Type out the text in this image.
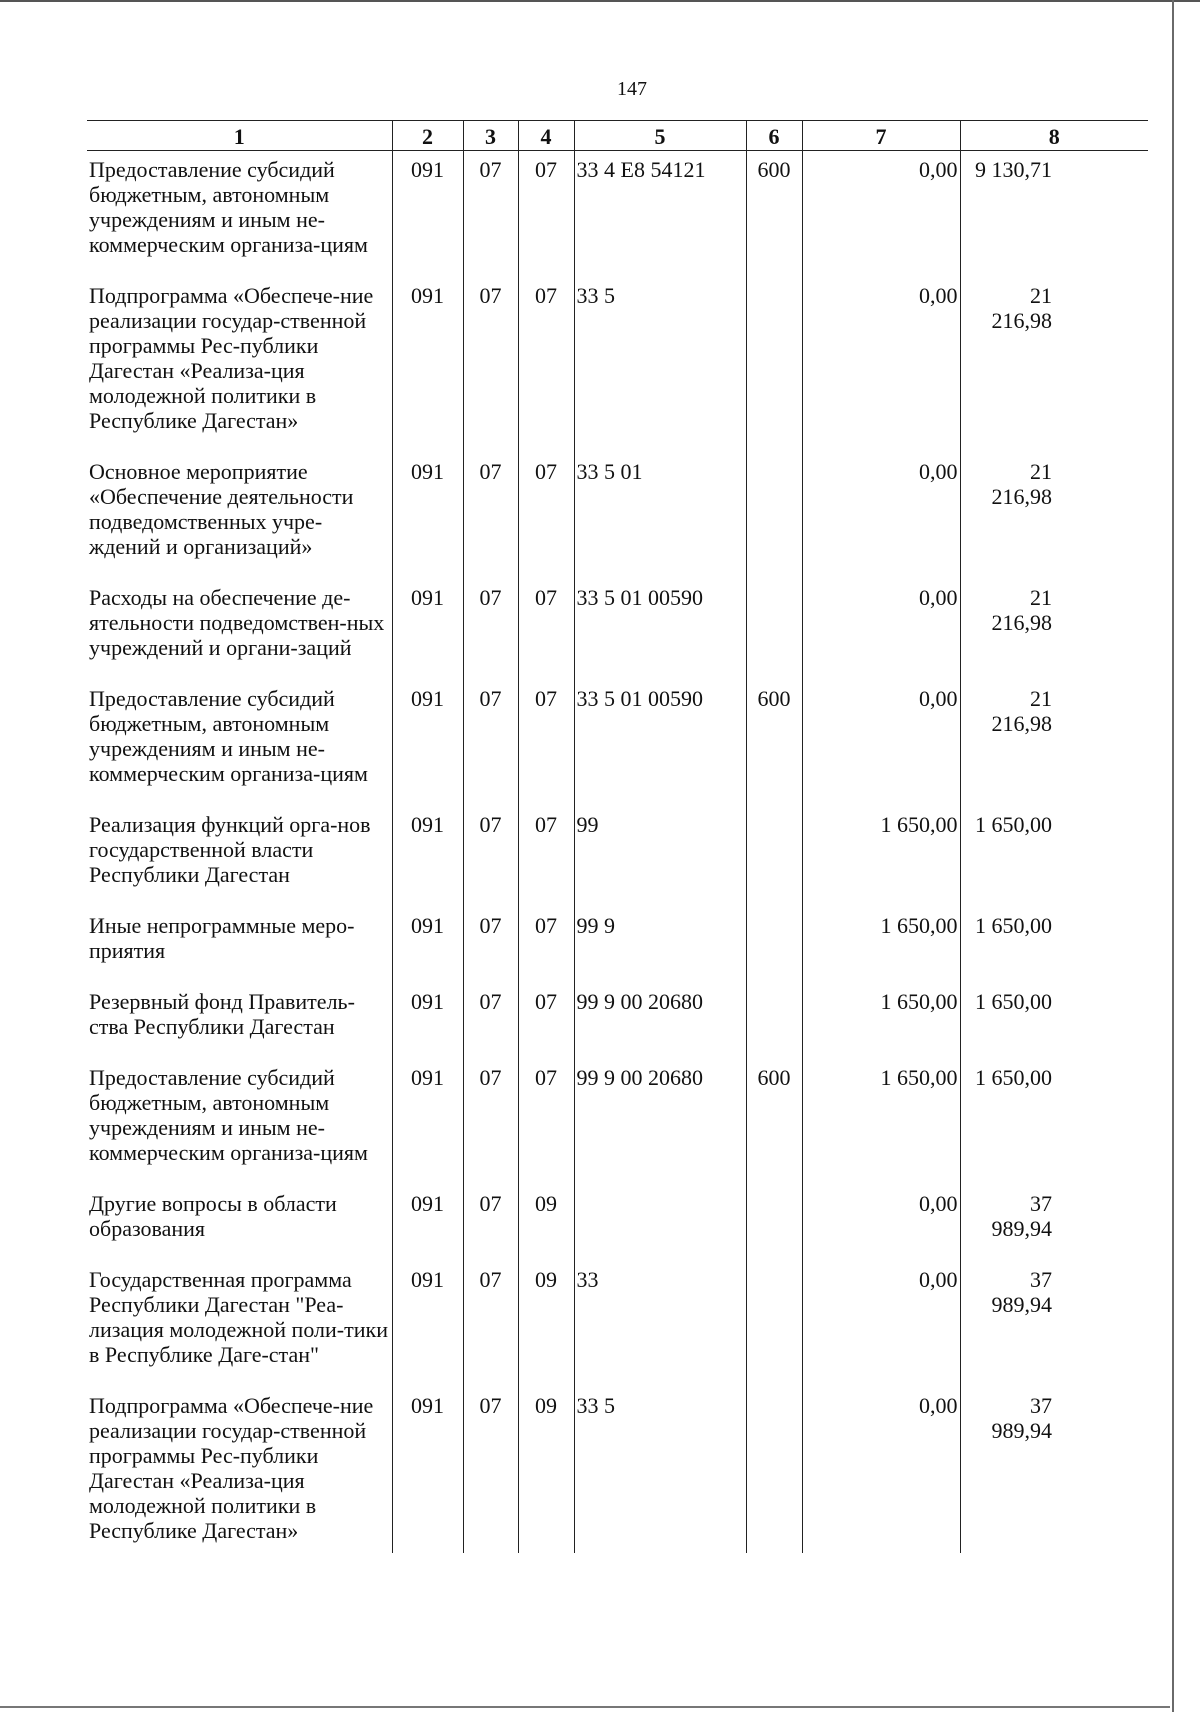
147
1	2	3	4	5	6	7	8
Предоставление субсидий бюджетным, автономным учреждениям и иным не-коммерческим организа-циям	091	07	07	33 4 E8 54121	600	0,00	9 130,71
Подпрограмма «Обеспече-ние реализации государ-ственной программы Рес-публики Дагестан «Реализа-ция молодежной политики в Республике Дагестан»	091	07	07	33 5		0,00	21 216,98
Основное мероприятие «Обеспечение деятельности подведомственных учре-ждений и организаций»	091	07	07	33 5 01		0,00	21 216,98
Расходы на обеспечение де-ятельности подведомствен-ных учреждений и органи-заций	091	07	07	33 5 01 00590		0,00	21 216,98
Предоставление субсидий бюджетным, автономным учреждениям и иным не-коммерческим организа-циям	091	07	07	33 5 01 00590	600	0,00	21 216,98
Реализация функций орга-нов государственной власти Республики Дагестан	091	07	07	99		1 650,00	1 650,00
Иные непрограммные меро-приятия	091	07	07	99 9		1 650,00	1 650,00
Резервный фонд Правитель-ства Республики Дагестан	091	07	07	99 9 00 20680		1 650,00	1 650,00
Предоставление субсидий бюджетным, автономным учреждениям и иным не-коммерческим организа-циям	091	07	07	99 9 00 20680	600	1 650,00	1 650,00
Другие вопросы в области образования	091	07	09			0,00	37 989,94
Государственная программа Республики Дагестан "Реа-лизация молодежной поли-тики в Республике Даге-стан"	091	07	09	33		0,00	37 989,94
Подпрограмма «Обеспече-ние реализации государ-ственной программы Рес-публики Дагестан «Реализа-ция молодежной политики в Республике Дагестан»	091	07	09	33 5		0,00	37 989,94
